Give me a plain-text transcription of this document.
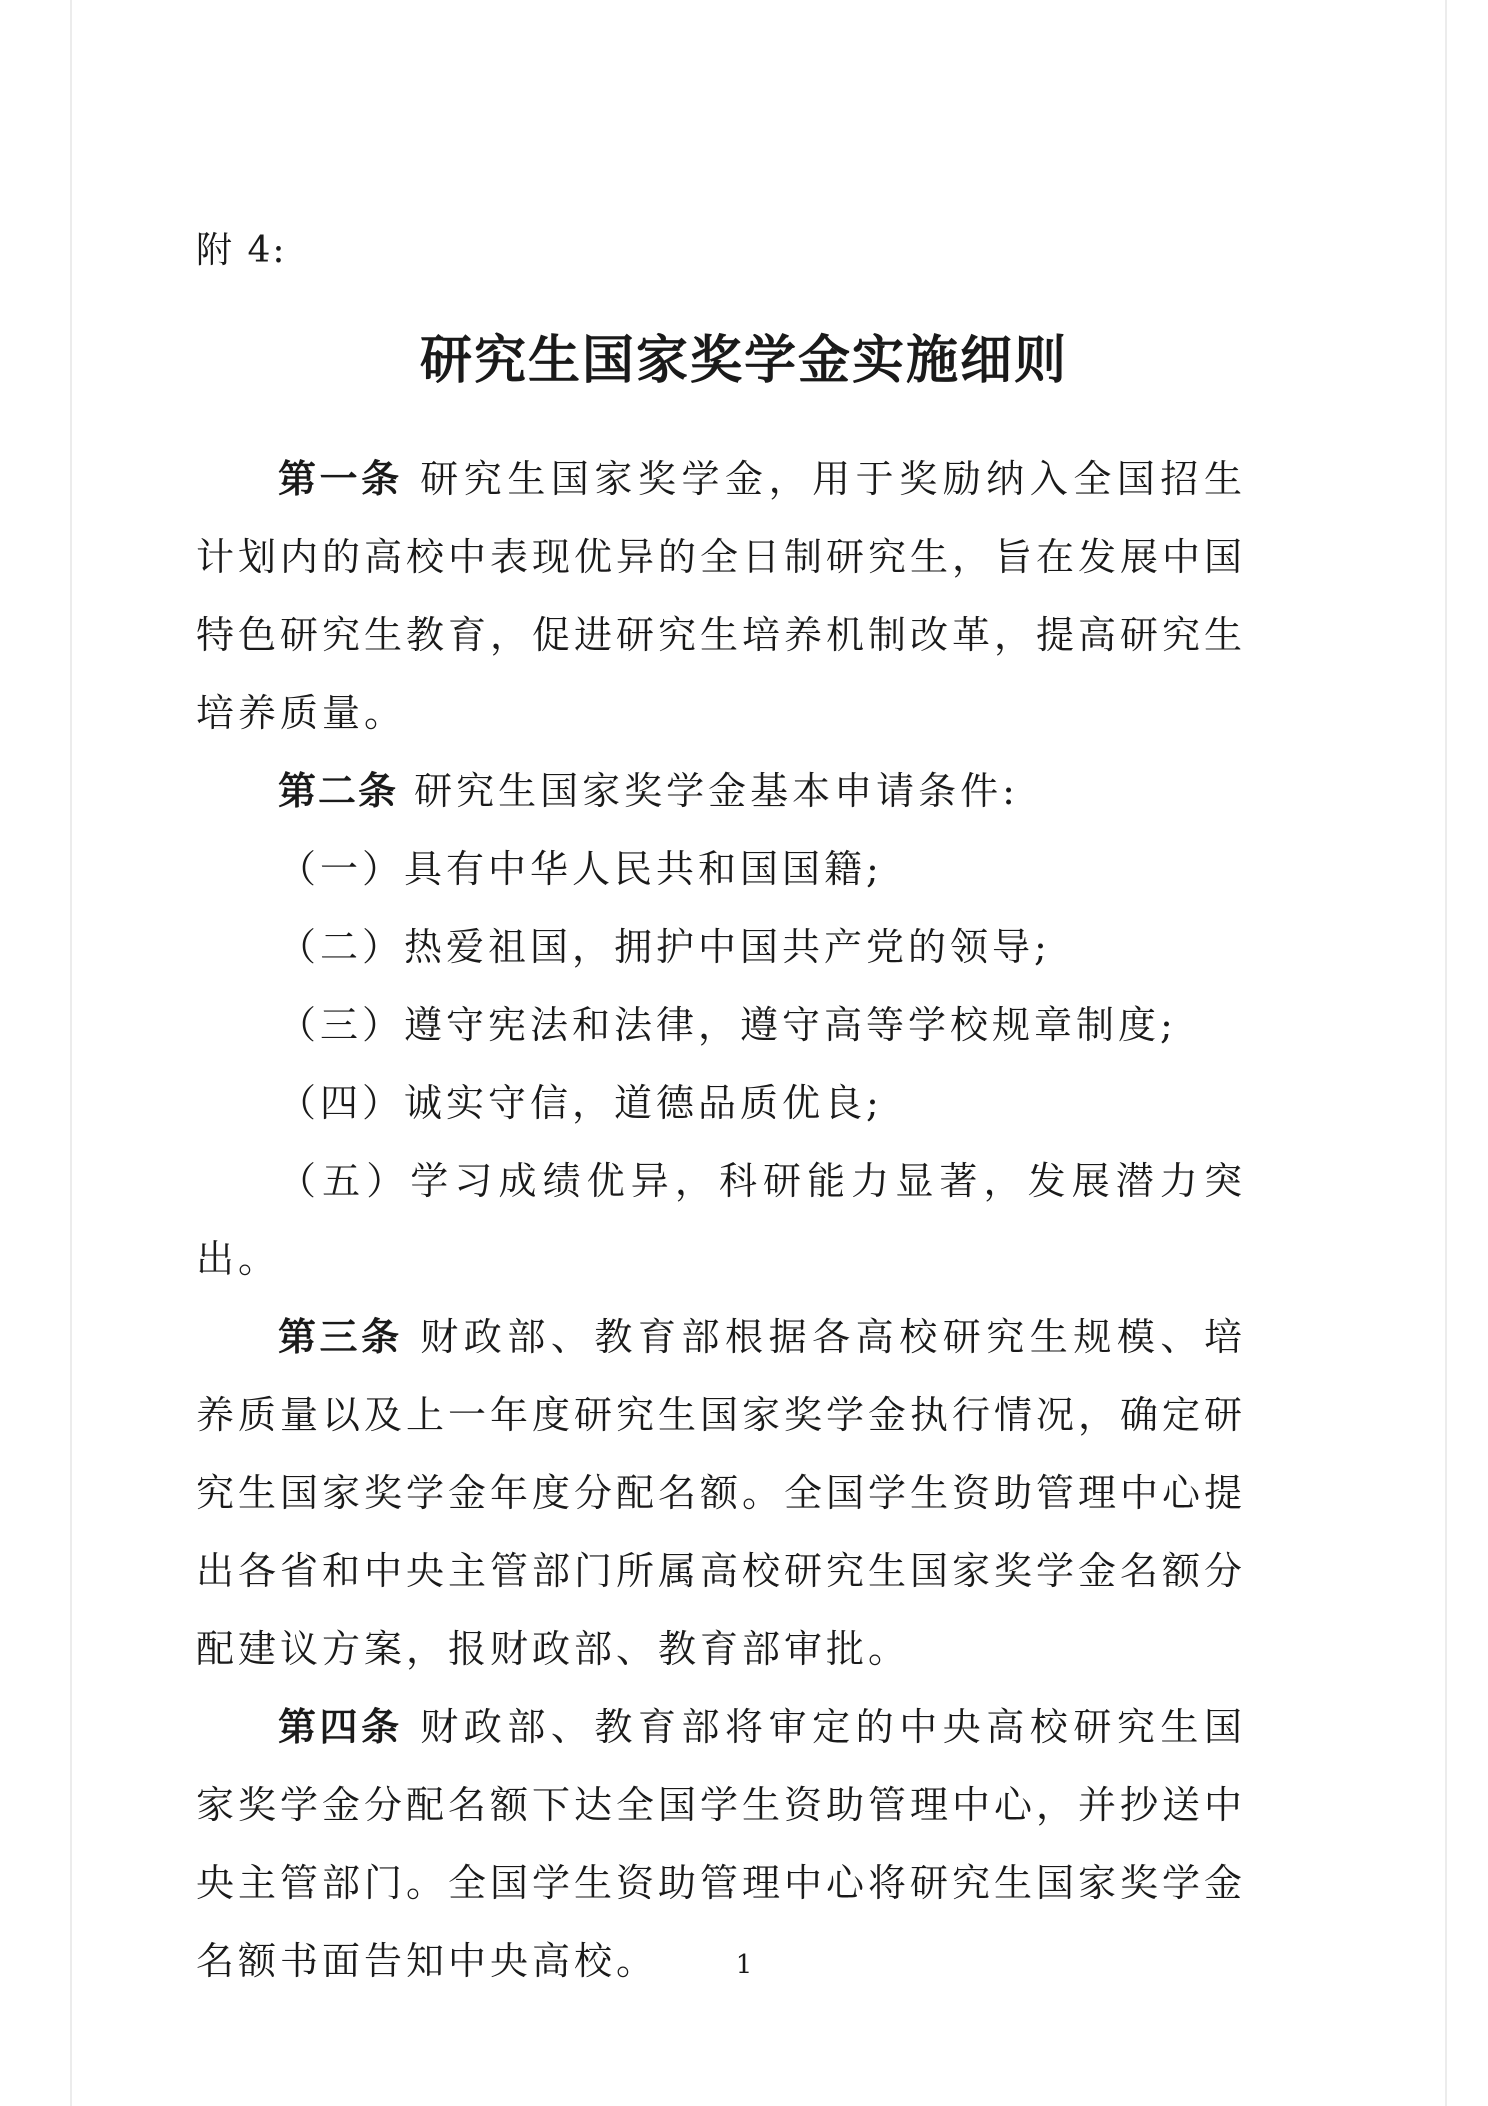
附 4:
研究生国家奖学金实施细则

第一条 研究生国家奖学金，用于奖励纳入全国招生计划内的高校中表现优异的全日制研究生，旨在发展中国特色研究生教育，促进研究生培养机制改革，提高研究生培养质量。

第二条 研究生国家奖学金基本申请条件:

（一）具有中华人民共和国国籍;

（二）热爱祖国，拥护中国共产党的领导;

（三）遵守宪法和法律，遵守高等学校规章制度;

（四）诚实守信，道德品质优良;

（五）学习成绩优异，科研能力显著，发展潜力突出。

第三条 财政部、教育部根据各高校研究生规模、培养质量以及上一年度研究生国家奖学金执行情况，确定研究生国家奖学金年度分配名额。全国学生资助管理中心提出各省和中央主管部门所属高校研究生国家奖学金名额分配建议方案，报财政部、教育部审批。

第四条 财政部、教育部将审定的中央高校研究生国家奖学金分配名额下达全国学生资助管理中心，并抄送中央主管部门。全国学生资助管理中心将研究生国家奖学金名额书面告知中央高校。	1
